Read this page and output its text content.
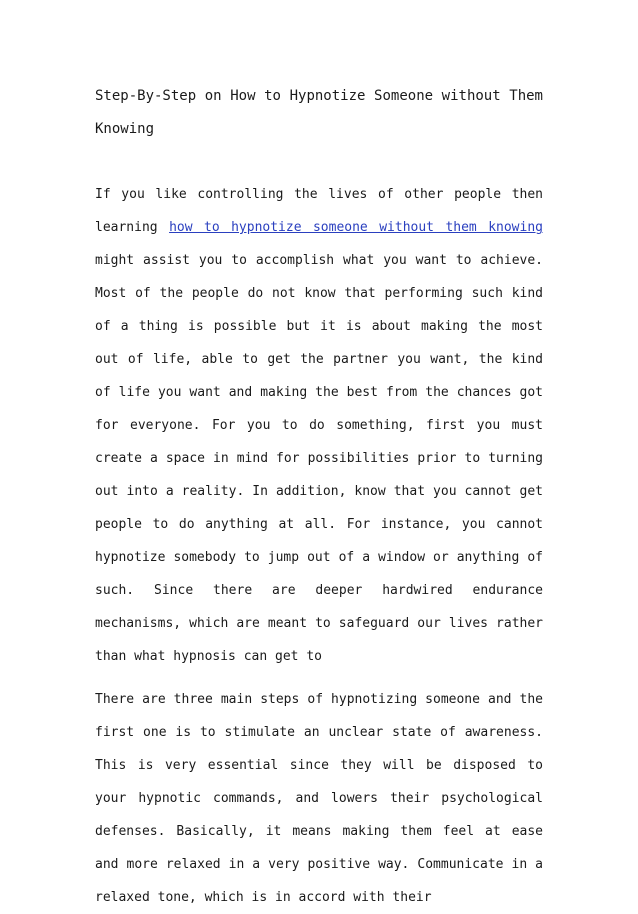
Step-By-Step on How to Hypnotize Someone without Them Knowing

If you like controlling the lives of other people then learning how to hypnotize someone without them knowing might assist you to accomplish what you want to achieve. Most of the people do not know that performing such kind of a thing is possible but it is about making the most out of life, able to get the partner you want, the kind of life you want and making the best from the chances got for everyone. For you to do something, first you must create a space in mind for possibilities prior to turning out into a reality. In addition, know that you cannot get people to do anything at all. For instance, you cannot hypnotize somebody to jump out of a window or anything of such. Since there are deeper hardwired endurance mechanisms, which are meant to safeguard our lives rather than what hypnosis can get to

There are three main steps of hypnotizing someone and the first one is to stimulate an unclear state of awareness. This is very essential since they will be disposed to your hypnotic commands, and lowers their psychological defenses. Basically, it means making them feel at ease and more relaxed in a very positive way. Communicate in a relaxed tone, which is in accord with their
